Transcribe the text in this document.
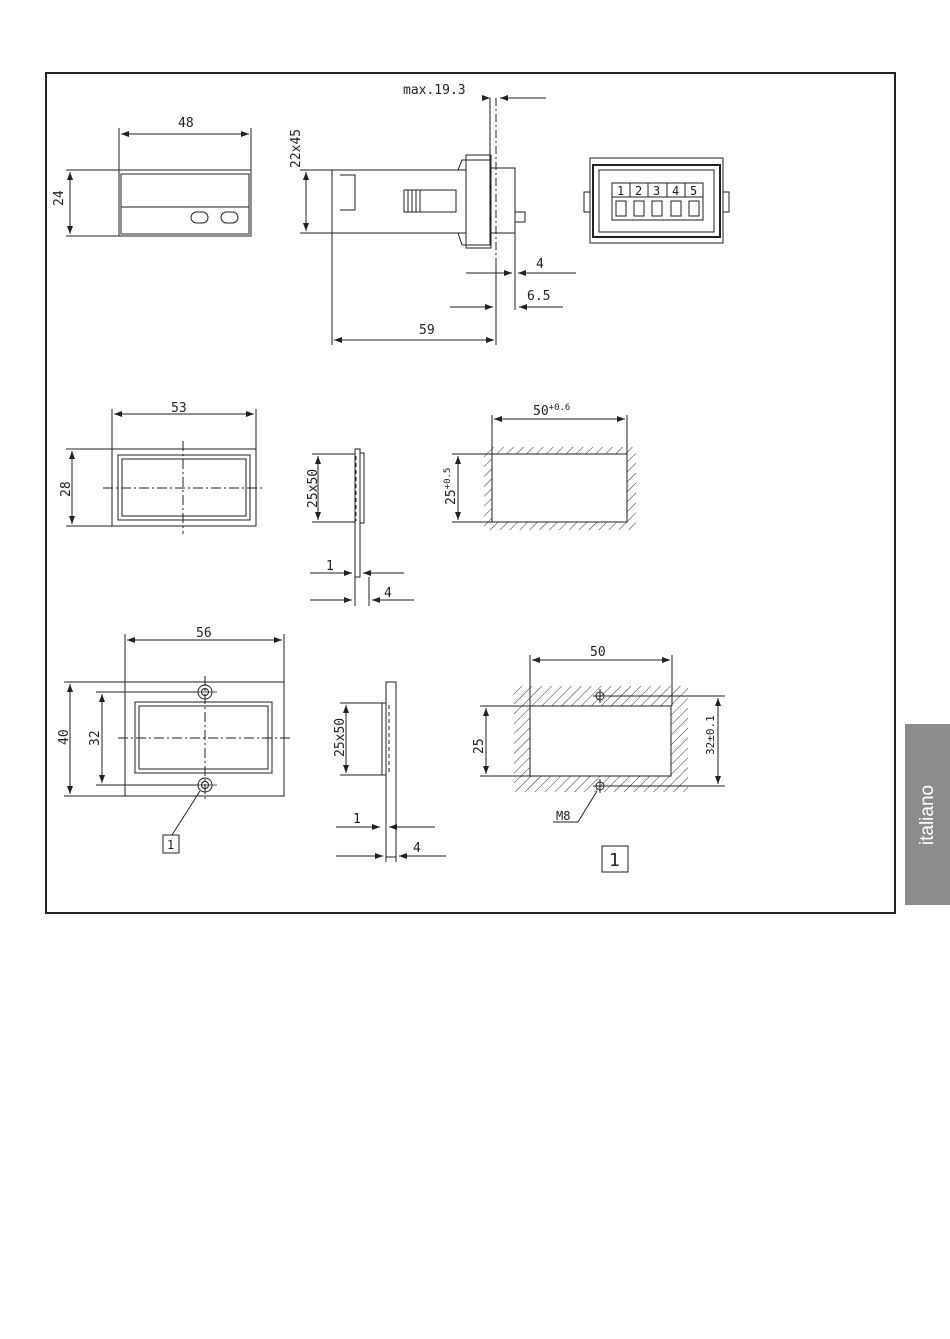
max.19.3
48
24
22x45
4
6.5
59
1 2 3 4 5
53
28	25x50
1
4
$50^{+0.6}$
$25^{+0.5}$
56
40 32
1
25x50
1
4
50
25	32±0.1
M8
1
italiano
